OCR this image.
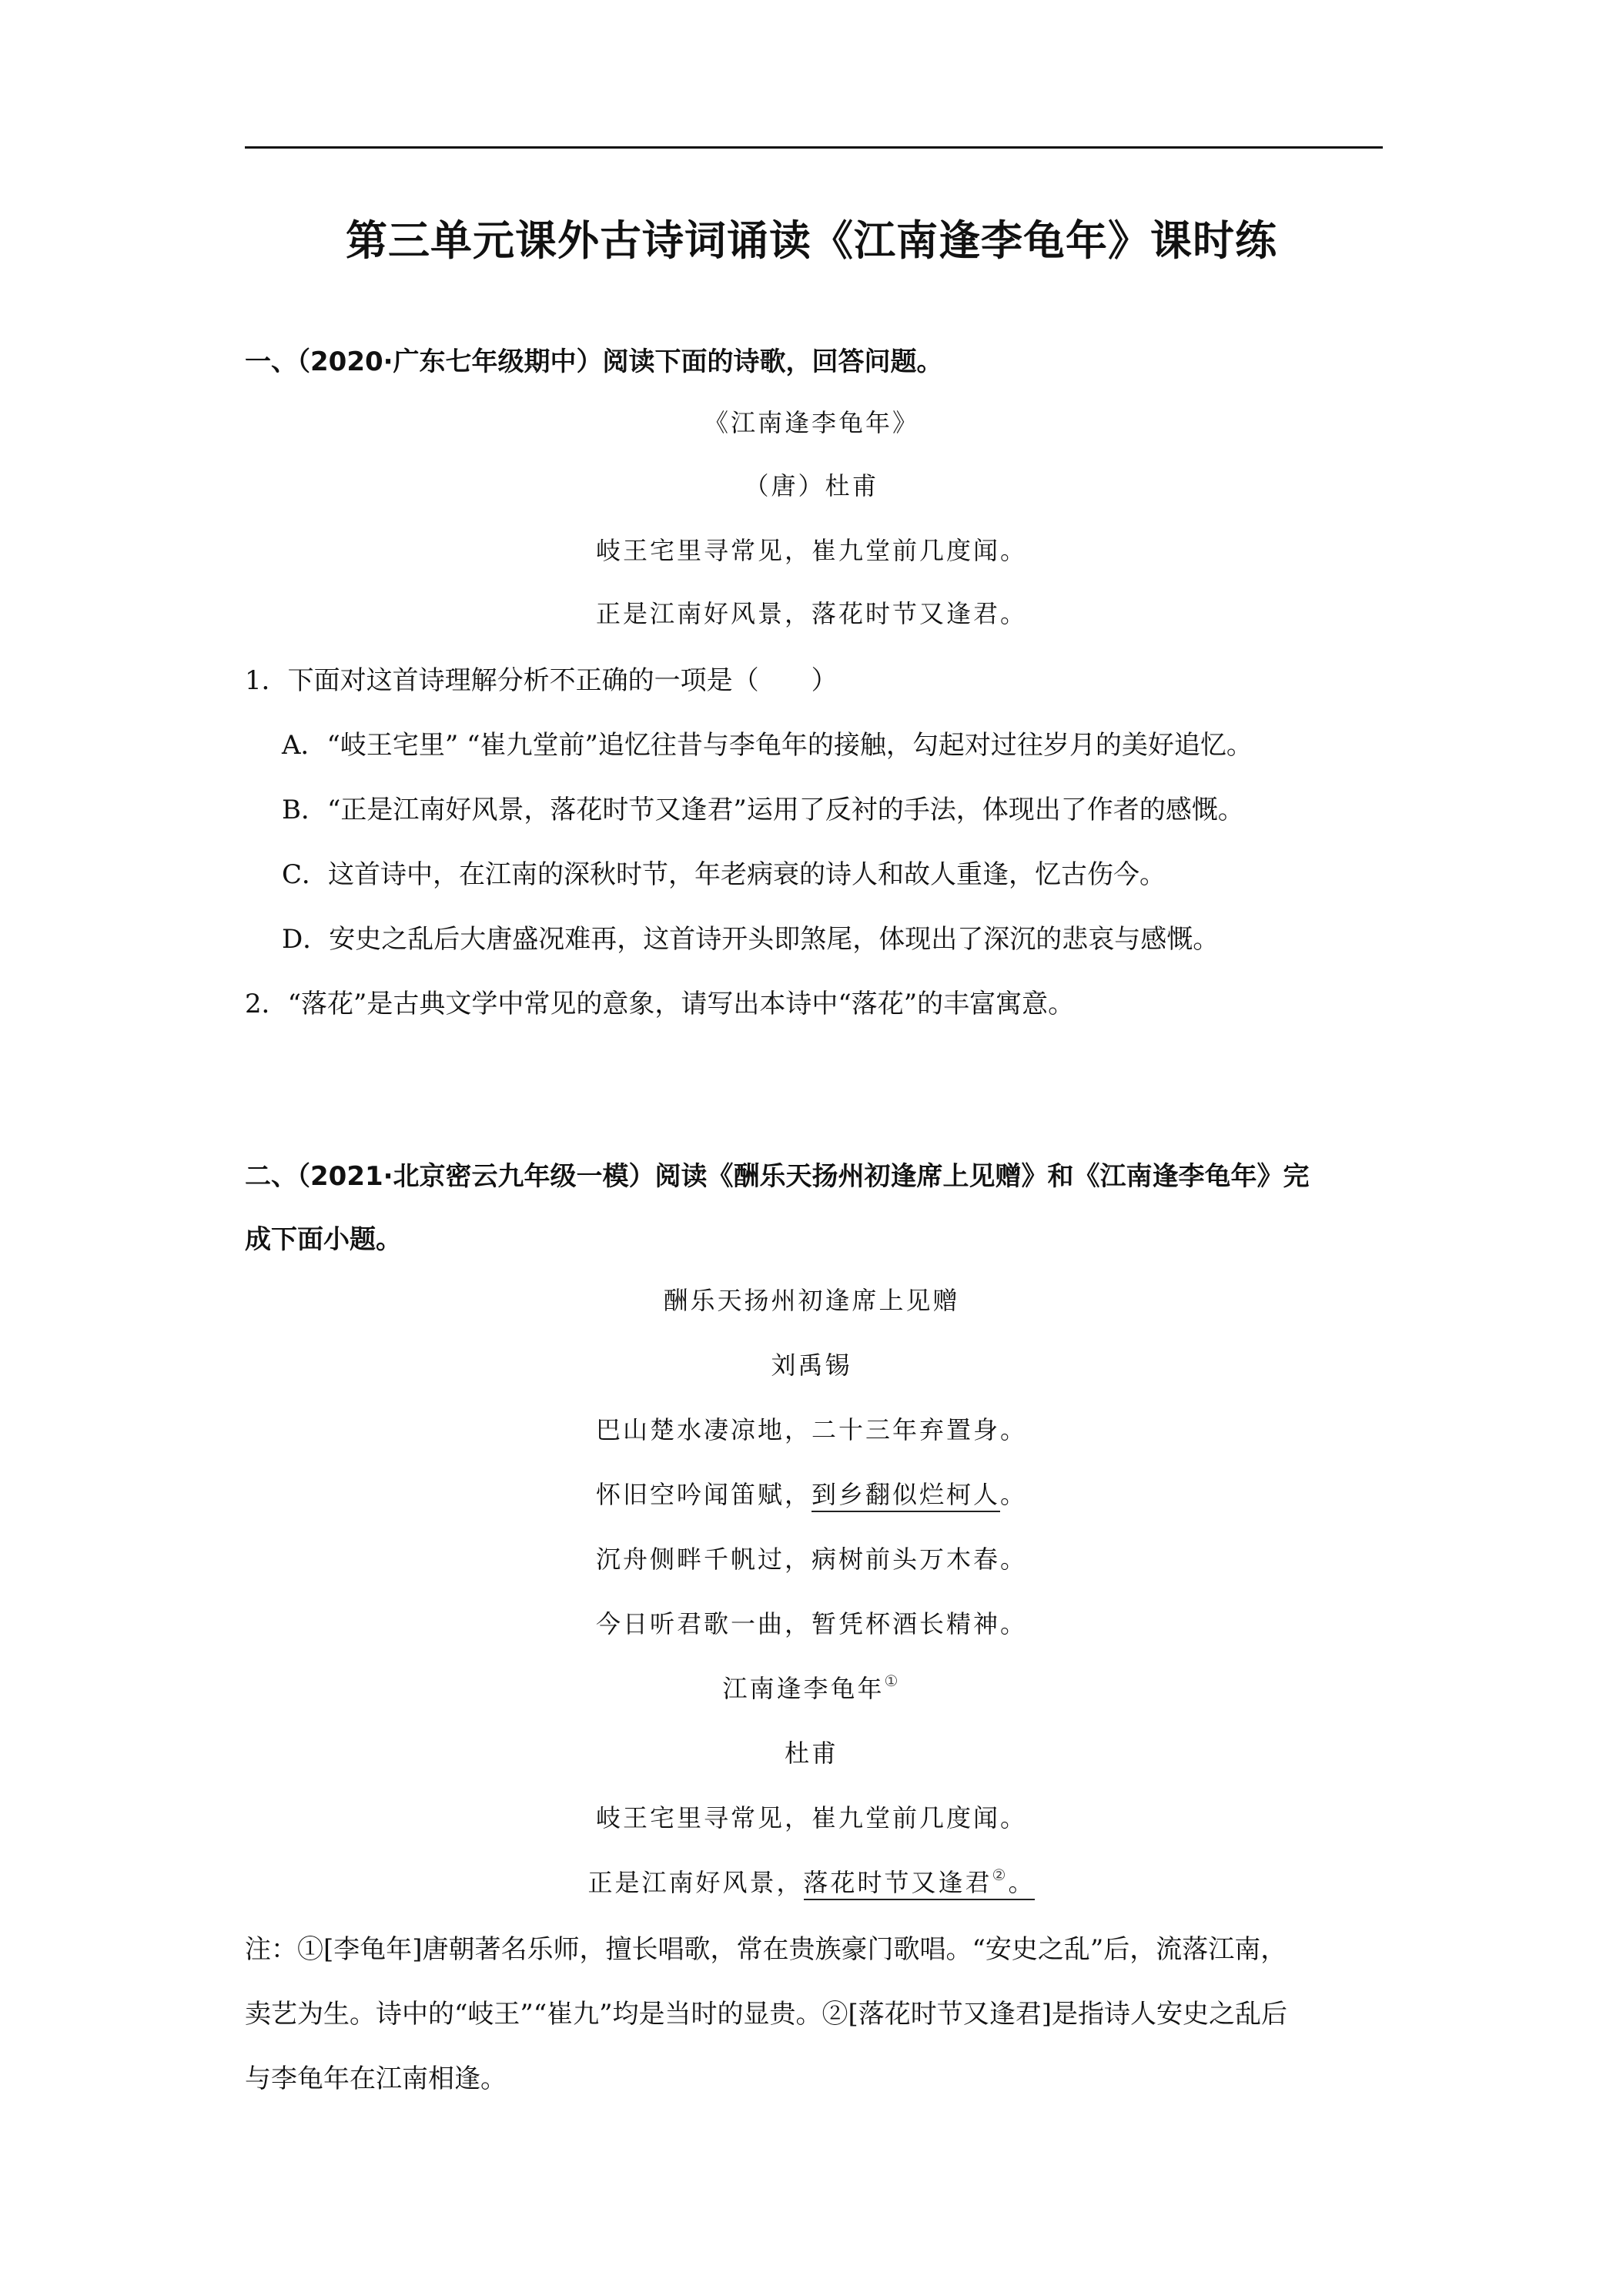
第三单元课外古诗词诵读《江南逢李龟年》课时练
一、（2020·广东七年级期中）阅读下面的诗歌，回答问题。
《江南逢李龟年》
（唐）杜甫
岐王宅里寻常见，崔九堂前几度闻。
正是江南好风景，落花时节又逢君。
1．下面对这首诗理解分析不正确的一项是（　　）
A．“岐王宅里” “崔九堂前”追忆往昔与李龟年的接触，勾起对过往岁月的美好追忆。
B．“正是江南好风景，落花时节又逢君”运用了反衬的手法，体现出了作者的感慨。
C．这首诗中，在江南的深秋时节，年老病衰的诗人和故人重逢，忆古伤今。
D．安史之乱后大唐盛况难再，这首诗开头即煞尾，体现出了深沉的悲哀与感慨。
2．“落花”是古典文学中常见的意象，请写出本诗中“落花”的丰富寓意。
二、（2021·北京密云九年级一模）阅读《酬乐天扬州初逢席上见赠》和《江南逢李龟年》完
成下面小题。
酬乐天扬州初逢席上见赠
刘禹锡
巴山楚水凄凉地，二十三年弃置身。
怀旧空吟闻笛赋，到乡翻似烂柯人。
沉舟侧畔千帆过，病树前头万木春。
今日听君歌一曲，暂凭杯酒长精神。
江南逢李龟年①
杜甫
岐王宅里寻常见，崔九堂前几度闻。
正是江南好风景，落花时节又逢君②。
注：①[李龟年]唐朝著名乐师，擅长唱歌，常在贵族豪门歌唱。“安史之乱”后，流落江南，
卖艺为生。诗中的“岐王”“崔九”均是当时的显贵。②[落花时节又逢君]是指诗人安史之乱后
与李龟年在江南相逢。
